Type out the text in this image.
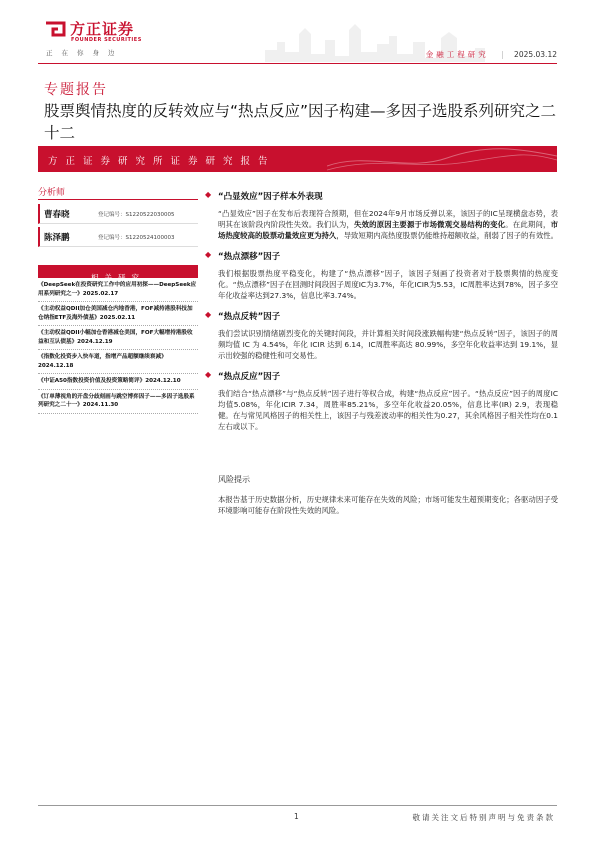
方正证券
FOUNDER SECURITIES
正在你身边	金融工程研究 | 2025.03.12
专题报告
股票舆情热度的反转效应与“热点反应”因子构建—多因子选股系列研究之二十二
方正证券研究所证券研究报告
分析师
曹春晓	登记编号：S1220522030005
陈泽鹏	登记编号：S1220524100003
相关研究
《DeepSeek在投资研究工作中的应用初探——DeepSeek应用系列研究之一》2025.02.17
《主动权益QDII加仓美国减仓内地香港，FOF减持港股科技加仓纳指ETF及海外债基》2025.02.11
《主动权益QDII小幅加仓香港减仓美国，FOF大幅增持港股收益和互认债基》2024.12.19
《指数化投资步入快车道，指增产品超额继续衰减》2024.12.18
《中证A50指数投资价值及投资策略简评》2024.12.10
《订单薄视角的开盘分歧刻画与跳空博弈因子——多因子选股系列研究之二十一》2024.11.30
◆ “凸显效应”因子样本外表现
“凸显效应”因子在发布后表现符合预期，但在2024年9月市场反弹以来，该因子的IC呈现横盘态势，表明其在该阶段内阶段性失效。我们认为，失效的原因主要源于市场微观交易结构的变化。在此期间，市场热度较高的股票动量效应更为持久，导致短期内高热度股票仍能维持超额收益，削弱了因子的有效性。
◆ “热点漂移”因子
我们根据股票热度平稳变化，构建了“热点漂移”因子，该因子刻画了投资者对于股票舆情的热度变化。“热点漂移”因子在回测时间段因子周度IC为3.7%，年化ICIR为5.53，IC周胜率达到78%，因子多空年化收益率达到27.3%，信息比率3.74%。
◆ “热点反转”因子
我们尝试识别情绪剧烈变化的关键时间段，并计算相关时间段涨跌幅构建“热点反转”因子，该因子的周频均值 IC 为 4.54%，年化 ICIR 达到 6.14，IC周胜率高达 80.99%，多空年化收益率达到 19.1%，显示出较强的稳健性和可交易性。
◆ “热点反应”因子
我们结合“热点漂移”与“热点反转”因子进行等权合成，构建“热点反应”因子。“热点反应”因子的周度IC均值5.08%，年化ICIR 7.34，周胜率85.21%，多空年化收益20.05%，信息比率(IR) 2.9，表现稳健。在与常见风格因子的相关性上，该因子与残差波动率的相关性为0.27，其余风格因子相关性均在0.1左右或以下。
风险提示
本报告基于历史数据分析，历史规律未来可能存在失效的风险；市场可能发生超预期变化；各驱动因子受环境影响可能存在阶段性失效的风险。
1	敬请关注文后特别声明与免责条款
